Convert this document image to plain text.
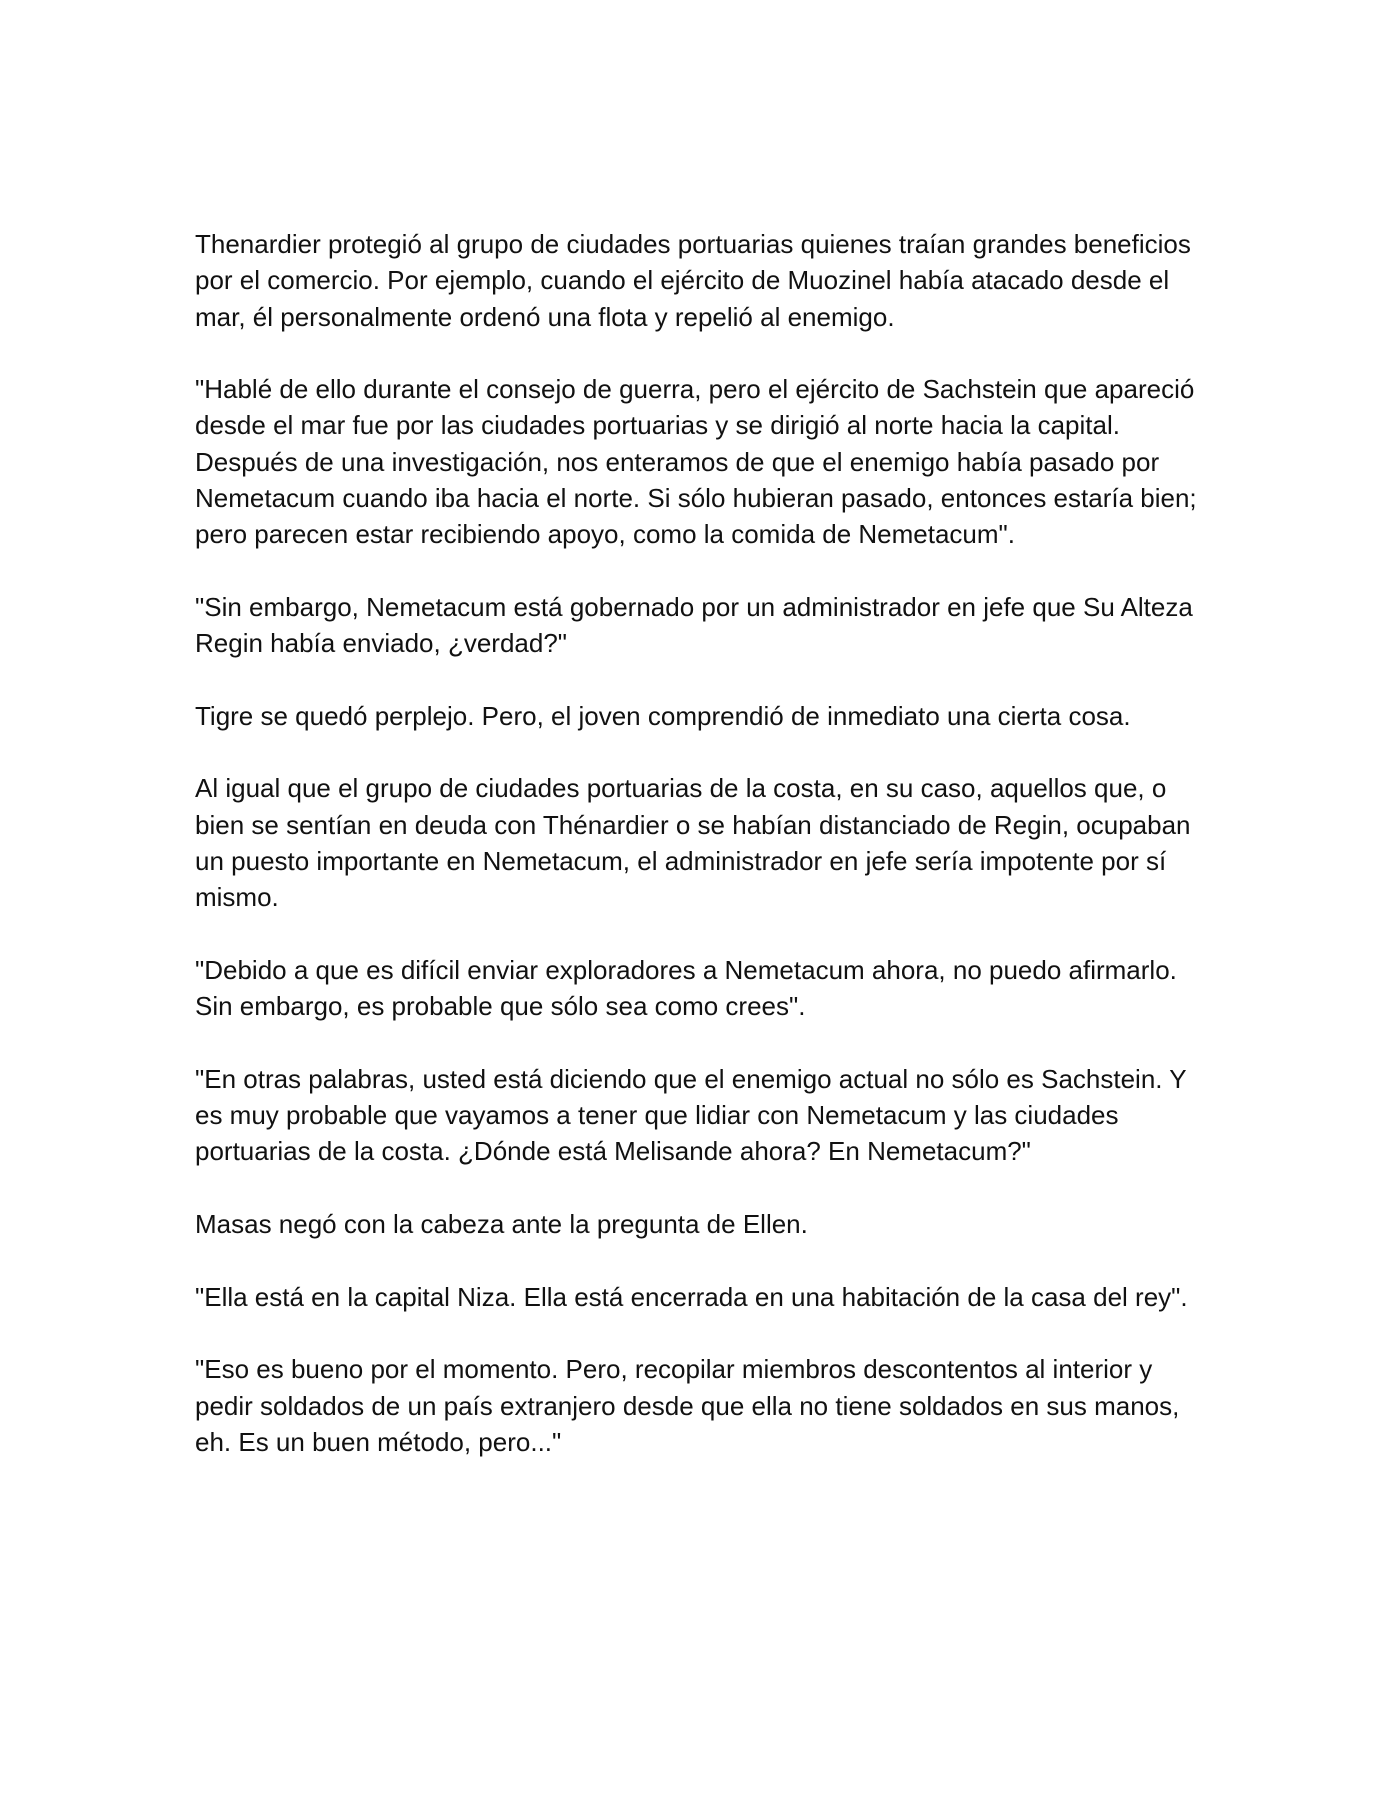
Thenardier protegió al grupo de ciudades portuarias quienes traían grandes beneficios por el comercio. Por ejemplo, cuando el ejército de Muozinel había atacado desde el mar, él personalmente ordenó una flota y repelió al enemigo.

"Hablé de ello durante el consejo de guerra, pero el ejército de Sachstein que apareció desde el mar fue por las ciudades portuarias y se dirigió al norte hacia la capital. Después de una investigación, nos enteramos de que el enemigo había pasado por Nemetacum cuando iba hacia el norte. Si sólo hubieran pasado, entonces estaría bien; pero parecen estar recibiendo apoyo, como la comida de Nemetacum".

"Sin embargo, Nemetacum está gobernado por un administrador en jefe que Su Alteza Regin había enviado, ¿verdad?"

Tigre se quedó perplejo. Pero, el joven comprendió de inmediato una cierta cosa.

Al igual que el grupo de ciudades portuarias de la costa, en su caso, aquellos que, o bien se sentían en deuda con Thénardier o se habían distanciado de Regin, ocupaban un puesto importante en Nemetacum, el administrador en jefe sería impotente por sí mismo.

"Debido a que es difícil enviar exploradores a Nemetacum ahora, no puedo afirmarlo. Sin embargo, es probable que sólo sea como crees".

"En otras palabras, usted está diciendo que el enemigo actual no sólo es Sachstein. Y es muy probable que vayamos a tener que lidiar con Nemetacum y las ciudades portuarias de la costa. ¿Dónde está Melisande ahora? En Nemetacum?"

Masas negó con la cabeza ante la pregunta de Ellen.

"Ella está en la capital Niza. Ella está encerrada en una habitación de la casa del rey".

"Eso es bueno por el momento. Pero, recopilar miembros descontentos al interior y pedir soldados de un país extranjero desde que ella no tiene soldados en sus manos, eh. Es un buen método, pero..."
